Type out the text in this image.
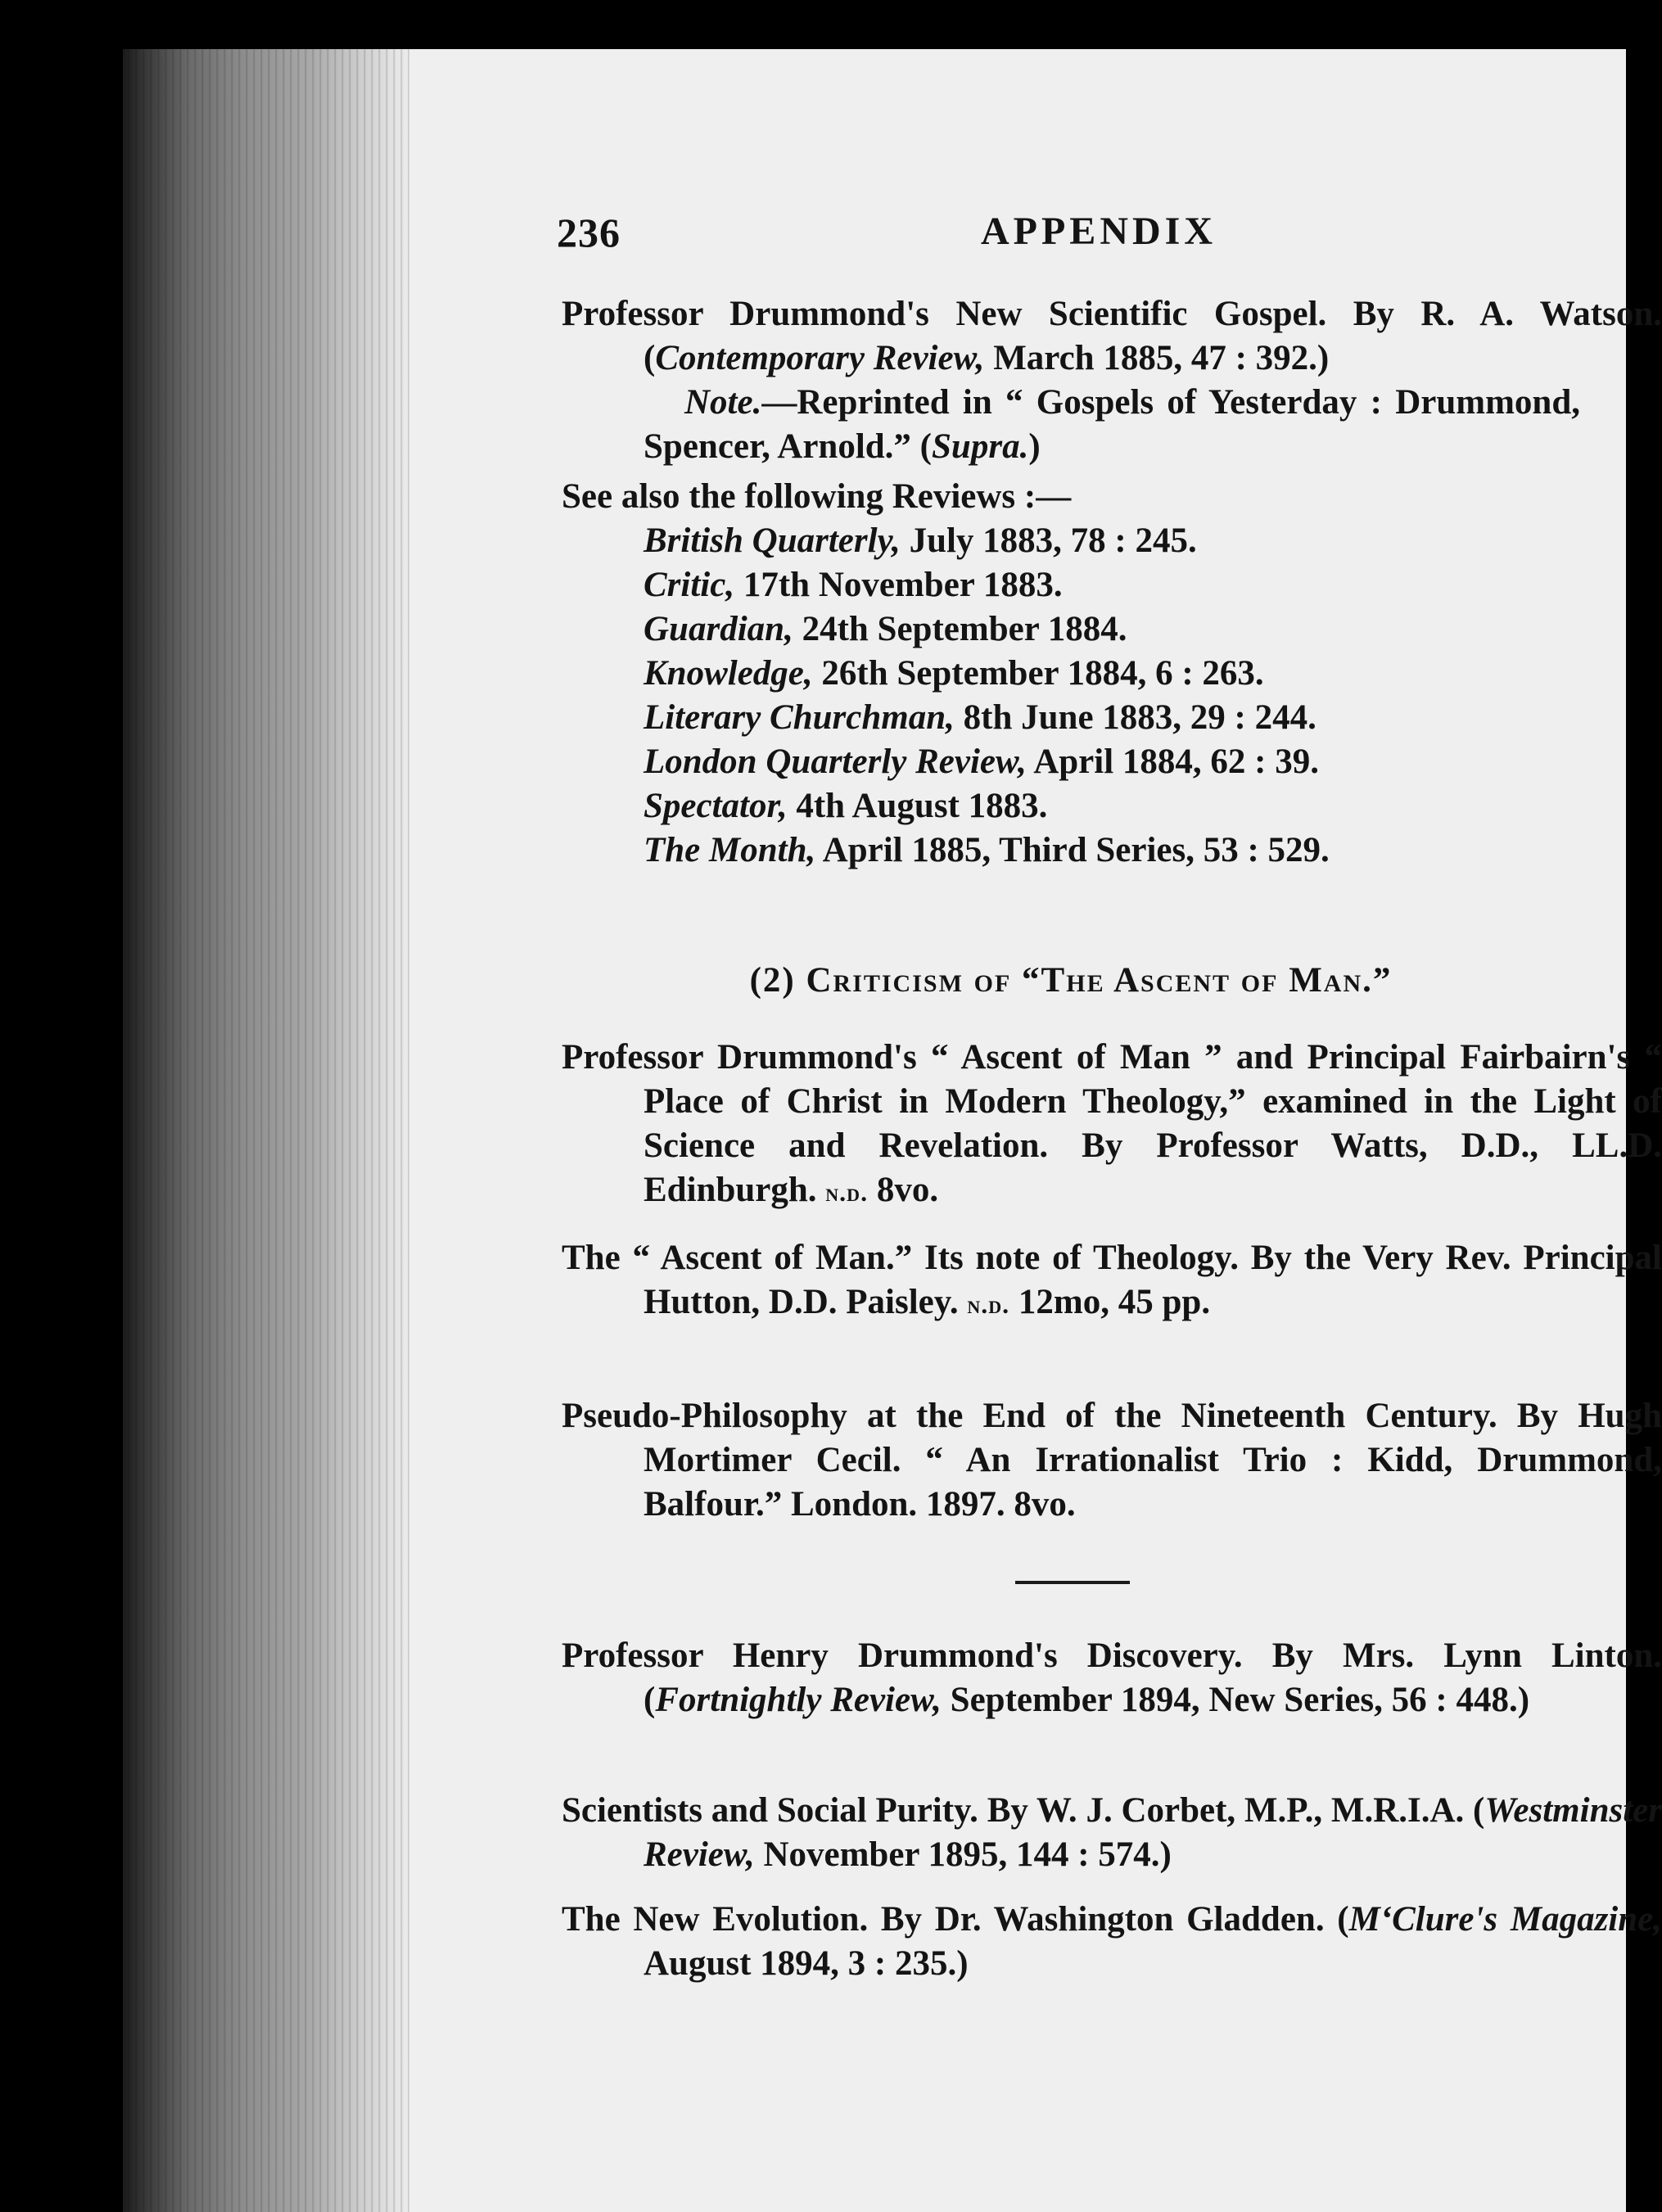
236	APPENDIX

Professor Drummond's New Scientific Gospel. By R. A. Watson. (Contemporary Review, March 1885, 47 : 392.)

Note.—Reprinted in “ Gospels of Yesterday : Drummond, Spencer, Arnold.” (Supra.)

See also the following Reviews :—

British Quarterly, July 1883, 78 : 245.
Critic, 17th November 1883.
Guardian, 24th September 1884.
Knowledge, 26th September 1884, 6 : 263.
Literary Churchman, 8th June 1883, 29 : 244.
London Quarterly Review, April 1884, 62 : 39.
Spectator, 4th August 1883.
The Month, April 1885, Third Series, 53 : 529.
(2) Criticism of “The Ascent of Man.”

Professor Drummond's “ Ascent of Man ” and Principal Fairbairn's “ Place of Christ in Modern Theology,” examined in the Light of Science and Revelation. By Professor Watts, D.D., LL.D. Edinburgh. n.d. 8vo.

The “ Ascent of Man.” Its note of Theology. By the Very Rev. Principal Hutton, D.D. Paisley. n.d. 12mo, 45 pp.

Pseudo-Philosophy at the End of the Nineteenth Century. By Hugh Mortimer Cecil. “ An Irrationalist Trio : Kidd, Drummond, Balfour.” London. 1897. 8vo.

Professor Henry Drummond's Discovery. By Mrs. Lynn Linton. (Fortnightly Review, September 1894, New Series, 56 : 448.)

Scientists and Social Purity. By W. J. Corbet, M.P., M.R.I.A. (Westminster Review, November 1895, 144 : 574.)

The New Evolution. By Dr. Washington Gladden. (M‘Clure's Magazine, August 1894, 3 : 235.)
